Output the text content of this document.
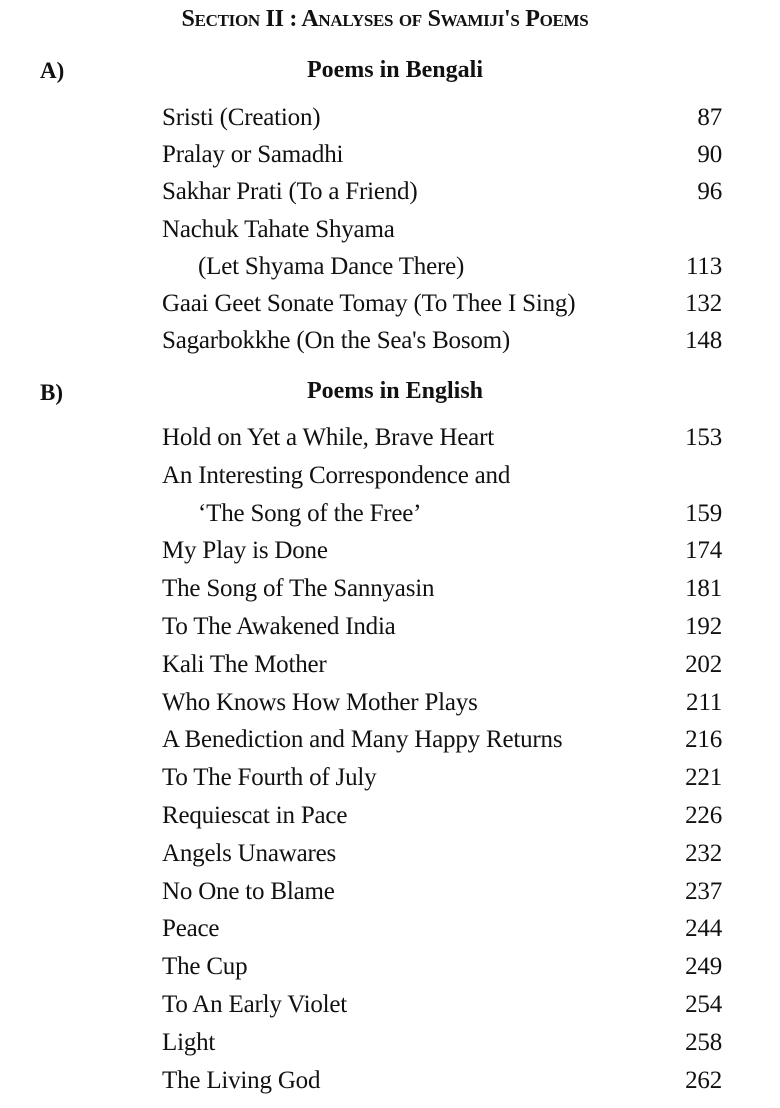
Section II : Analyses of Swamiji's Poems
A)	Poems in Bengali
Sristi (Creation)	87
Pralay or Samadhi	90
Sakhar Prati (To a Friend)	96
Nachuk Tahate Shyama
(Let Shyama Dance There)	113
Gaai Geet Sonate Tomay (To Thee I Sing)	132
Sagarbokkhe (On the Sea's Bosom)	148
B)	Poems in English
Hold on Yet a While, Brave Heart	153
An Interesting Correspondence and
‘The Song of the Free’	159
My Play is Done	174
The Song of The Sannyasin	181
To The Awakened India	192
Kali The Mother	202
Who Knows How Mother Plays	211
A Benediction and Many Happy Returns	216
To The Fourth of July	221
Requiescat in Pace	226
Angels Unawares	232
No One to Blame	237
Peace	244
The Cup	249
To An Early Violet	254
Light	258
The Living God	262
